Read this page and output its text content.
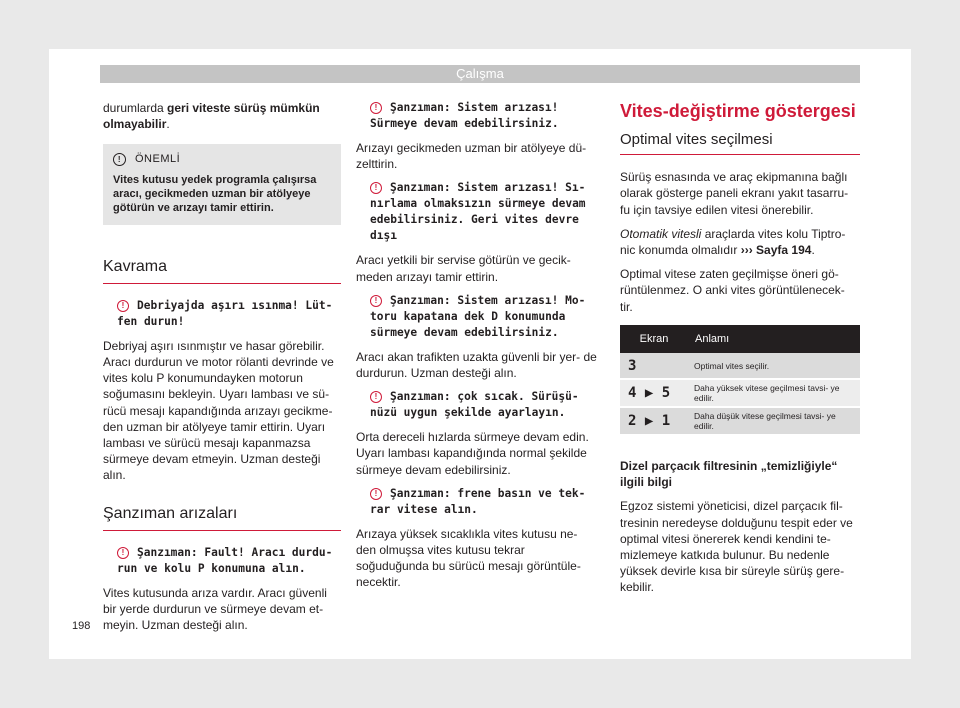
Çalışma

durumlarda geri viteste sürüş mümkün olmayabilir.

!	ÖNEMLİ
Vites kutusu yedek programla çalışırsa aracı, gecikmeden uzman bir atölyeye götürün ve arızayı tamir ettirin.
Kavrama
! Debriyajda aşırı ısınma! Lüt- fen durun!

Debriyaj aşırı ısınmıştır ve hasar görebilir. Aracı durdurun ve motor rölanti devrinde ve vites kolu P konumundayken motorun soğumasını bekleyin. Uyarı lambası ve sü- rücü mesajı kapandığında arızayı gecikme- den uzman bir atölyeye tamir ettirin. Uyarı lambası ve sürücü mesajı kapanmazsa sürmeye devam etmeyin. Uzman desteği alın.

Şanzıman arızaları
! Şanzıman: Fault! Aracı durdu- run ve kolu P konumuna alın.

Vites kutusunda arıza vardır. Aracı güvenli bir yerde durdurun ve sürmeye devam et- meyin. Uzman desteği alın.

! Şanzıman: Sistem arızası! Sürmeye devam edebilirsiniz.

Arızayı gecikmeden uzman bir atölyeye dü- zelttirin.

! Şanzıman: Sistem arızası! Sı- nırlama olmaksızın sürmeye devam edebilirsiniz. Geri vites devre dışı

Aracı yetkili bir servise götürün ve gecik- meden arızayı tamir ettirin.

! Şanzıman: Sistem arızası! Mo- toru kapatana dek D konumunda sürmeye devam edebilirsiniz.

Aracı akan trafikten uzakta güvenli bir yer- de durdurun. Uzman desteği alın.

! Şanzıman: çok sıcak. Sürüşü- nüzü uygun şekilde ayarlayın.

Orta dereceli hızlarda sürmeye devam edin. Uyarı lambası kapandığında normal şekilde sürmeye devam edebilirsiniz.

! Şanzıman: frene basın ve tek- rar vitese alın.

Arızaya yüksek sıcaklıkla vites kutusu ne- den olmuşsa vites kutusu tekrar soğuduğunda bu sürücü mesajı görüntüle- necektir.

Vites-değiştirme göstergesi
Optimal vites seçilmesi

Sürüş esnasında ve araç ekipmanına bağlı olarak gösterge paneli ekranı yakıt tasarru- fu için tavsiye edilen vitesi önerebilir.

Otomatik vitesli araçlarda vites kolu Tiptro- nic konumda olmalıdır ››› Sayfa 194.

Optimal vitese zaten geçilmişse öneri gö- rüntülenmez. O anki vites görüntülenecek- tir.

Ekran	Anlamı
3	Optimal vites seçilir.
4 ▶ 5	Daha yüksek vitese geçilmesi tavsi- ye edilir.
2 ▶ 1	Daha düşük vitese geçilmesi tavsi- ye edilir.

Dizel parçacık filtresinin „temizliğiyle“ ilgili bilgi

Egzoz sistemi yöneticisi, dizel parçacık fil- tresinin neredeyse dolduğunu tespit eder ve optimal vitesi önererek kendi kendini te- mizlemeye katkıda bulunur. Bu nedenle yüksek devirle kısa bir süreyle sürüş gere- kebilir.

198
